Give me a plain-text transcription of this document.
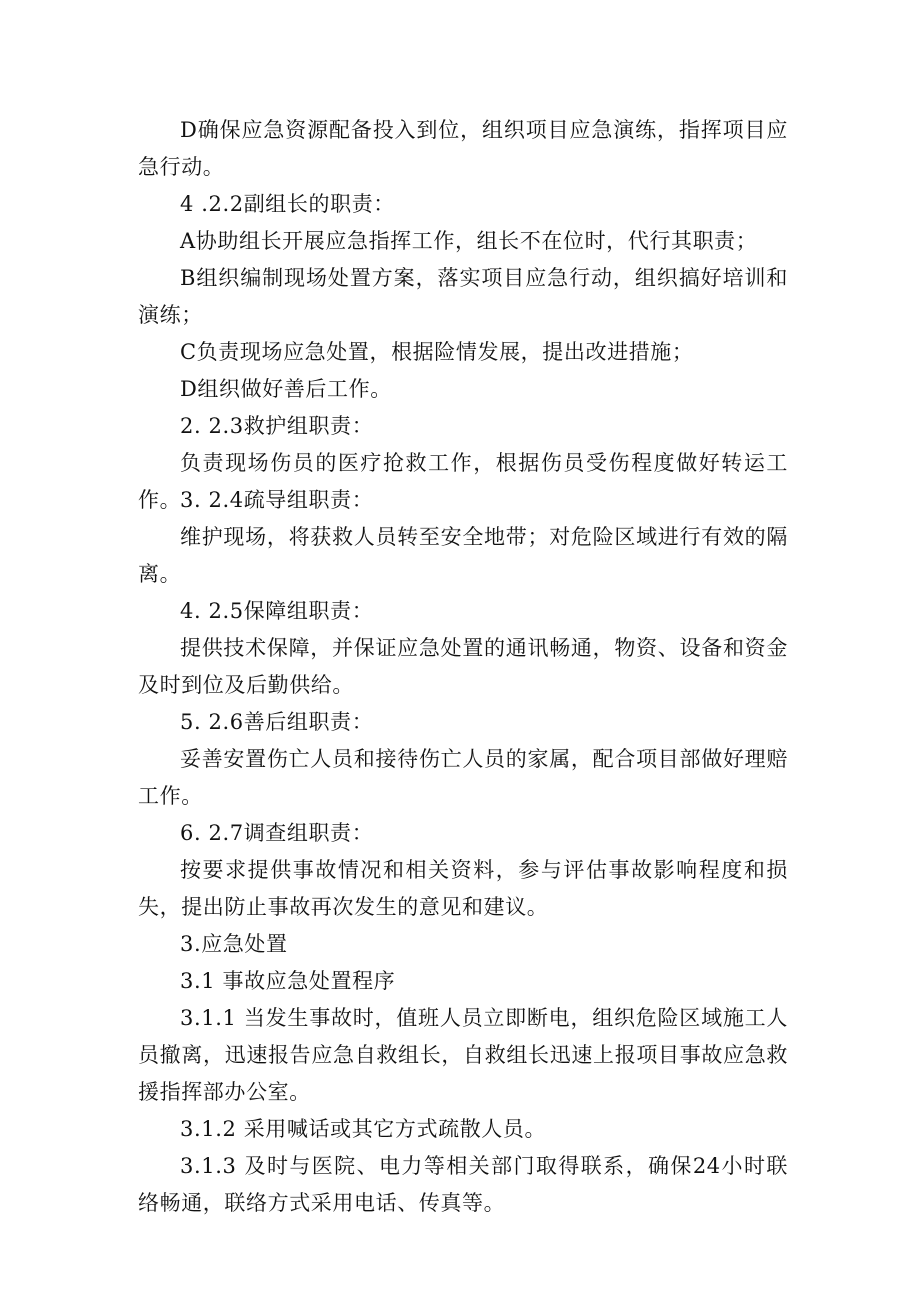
D确保应急资源配备投入到位，组织项目应急演练，指挥项目应急行动。

4 .2.2副组长的职责：

A协助组长开展应急指挥工作，组长不在位时，代行其职责；

B组织编制现场处置方案，落实项目应急行动，组织搞好培训和演练；

C负责现场应急处置，根据险情发展，提出改进措施；

D组织做好善后工作。

2. 2.3救护组职责：

负责现场伤员的医疗抢救工作，根据伤员受伤程度做好转运工作。

3. 2.4疏导组职责：

维护现场，将获救人员转至安全地带；对危险区域进行有效的隔离。

4. 2.5保障组职责：

提供技术保障，并保证应急处置的通讯畅通，物资、设备和资金及时到位及后勤供给。

5. 2.6善后组职责：

妥善安置伤亡人员和接待伤亡人员的家属，配合项目部做好理赔工作。

6. 2.7调查组职责：

按要求提供事故情况和相关资料，参与评估事故影响程度和损失，提出防止事故再次发生的意见和建议。

3.应急处置

3.1 事故应急处置程序

3.1.1 当发生事故时，值班人员立即断电，组织危险区域施工人员撤离，迅速报告应急自救组长，自救组长迅速上报项目事故应急救援指挥部办公室。

3.1.2 采用喊话或其它方式疏散人员。

3.1.3 及时与医院、电力等相关部门取得联系，确保24小时联络畅通，联络方式采用电话、传真等。
